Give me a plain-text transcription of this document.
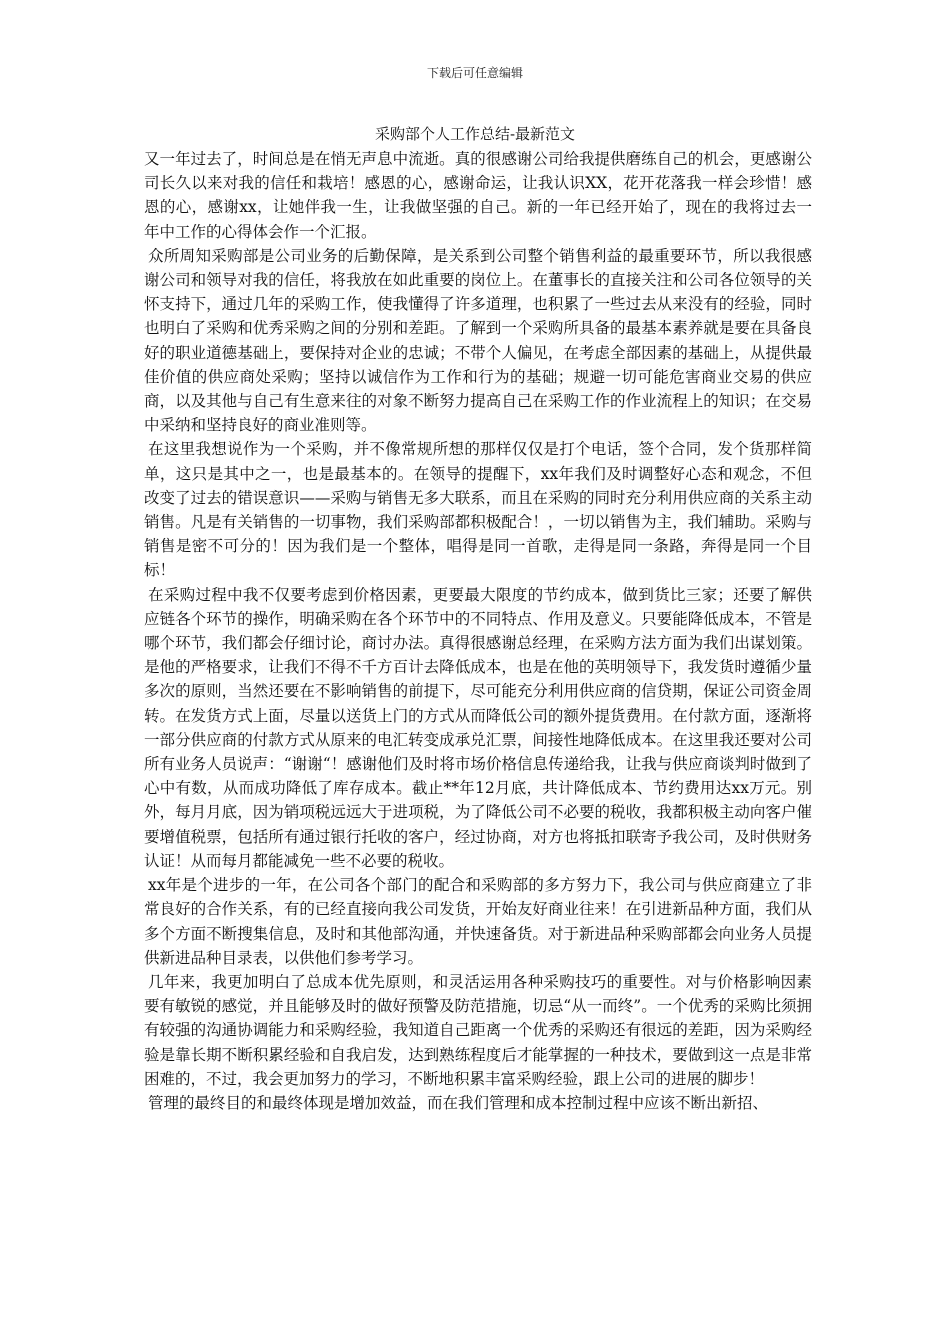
下载后可任意编辑
采购部个人工作总结-最新范文

又一年过去了，时间总是在悄无声息中流逝。真的很感谢公司给我提供磨练自己的机会，更感谢公司长久以来对我的信任和栽培！感恩的心，感谢命运，让我认识XX，花开花落我一样会珍惜！感恩的心，感谢xx，让她伴我一生，让我做坚强的自己。新的一年已经开始了，现在的我将过去一年中工作的心得体会作一个汇报。

众所周知采购部是公司业务的后勤保障，是关系到公司整个销售利益的最重要环节，所以我很感谢公司和领导对我的信任，将我放在如此重要的岗位上。在董事长的直接关注和公司各位领导的关怀支持下，通过几年的采购工作，使我懂得了许多道理，也积累了一些过去从来没有的经验，同时也明白了采购和优秀采购之间的分别和差距。了解到一个采购所具备的最基本素养就是要在具备良好的职业道德基础上，要保持对企业的忠诚；不带个人偏见，在考虑全部因素的基础上，从提供最佳价值的供应商处采购；坚持以诚信作为工作和行为的基础；规避一切可能危害商业交易的供应商，以及其他与自己有生意来往的对象不断努力提高自己在采购工作的作业流程上的知识；在交易中采纳和坚持良好的商业准则等。

在这里我想说作为一个采购，并不像常规所想的那样仅仅是打个电话，签个合同，发个货那样简单，这只是其中之一，也是最基本的。在领导的提醒下，xx年我们及时调整好心态和观念，不但改变了过去的错误意识——采购与销售无多大联系，而且在采购的同时充分利用供应商的关系主动销售。凡是有关销售的一切事物，我们采购部都积极配合！，一切以销售为主，我们辅助。采购与销售是密不可分的！因为我们是一个整体，唱得是同一首歌，走得是同一条路，奔得是同一个目标！

在采购过程中我不仅要考虑到价格因素，更要最大限度的节约成本，做到货比三家；还要了解供应链各个环节的操作，明确采购在各个环节中的不同特点、作用及意义。只要能降低成本，不管是哪个环节，我们都会仔细讨论，商讨办法。真得很感谢总经理，在采购方法方面为我们出谋划策。是他的严格要求，让我们不得不千方百计去降低成本，也是在他的英明领导下，我发货时遵循少量多次的原则，当然还要在不影响销售的前提下，尽可能充分利用供应商的信贷期，保证公司资金周转。在发货方式上面，尽量以送货上门的方式从而降低公司的额外提货费用。在付款方面，逐渐将一部分供应商的付款方式从原来的电汇转变成承兑汇票，间接性地降低成本。在这里我还要对公司所有业务人员说声：“谢谢“！感谢他们及时将市场价格信息传递给我，让我与供应商谈判时做到了心中有数，从而成功降低了库存成本。截止**年12月底，共计降低成本、节约费用达xx万元。别外，每月月底，因为销项税远远大于进项税，为了降低公司不必要的税收，我都积极主动向客户催要增值税票，包括所有通过银行托收的客户，经过协商，对方也将抵扣联寄予我公司，及时供财务认证！从而每月都能减免一些不必要的税收。

xx年是个进步的一年，在公司各个部门的配合和采购部的多方努力下，我公司与供应商建立了非常良好的合作关系，有的已经直接向我公司发货，开始友好商业往来！在引进新品种方面，我们从多个方面不断搜集信息，及时和其他部沟通，并快速备货。对于新进品种采购部都会向业务人员提供新进品种目录表，以供他们参考学习。

几年来，我更加明白了总成本优先原则，和灵活运用各种采购技巧的重要性。对与价格影响因素要有敏锐的感觉，并且能够及时的做好预警及防范措施，切忌“从一而终”。一个优秀的采购比须拥有较强的沟通协调能力和采购经验，我知道自己距离一个优秀的采购还有很远的差距，因为采购经验是靠长期不断积累经验和自我启发，达到熟练程度后才能掌握的一种技术，要做到这一点是非常困难的，不过，我会更加努力的学习，不断地积累丰富采购经验，跟上公司的进展的脚步！

管理的最终目的和最终体现是增加效益，而在我们管理和成本控制过程中应该不断出新招、
